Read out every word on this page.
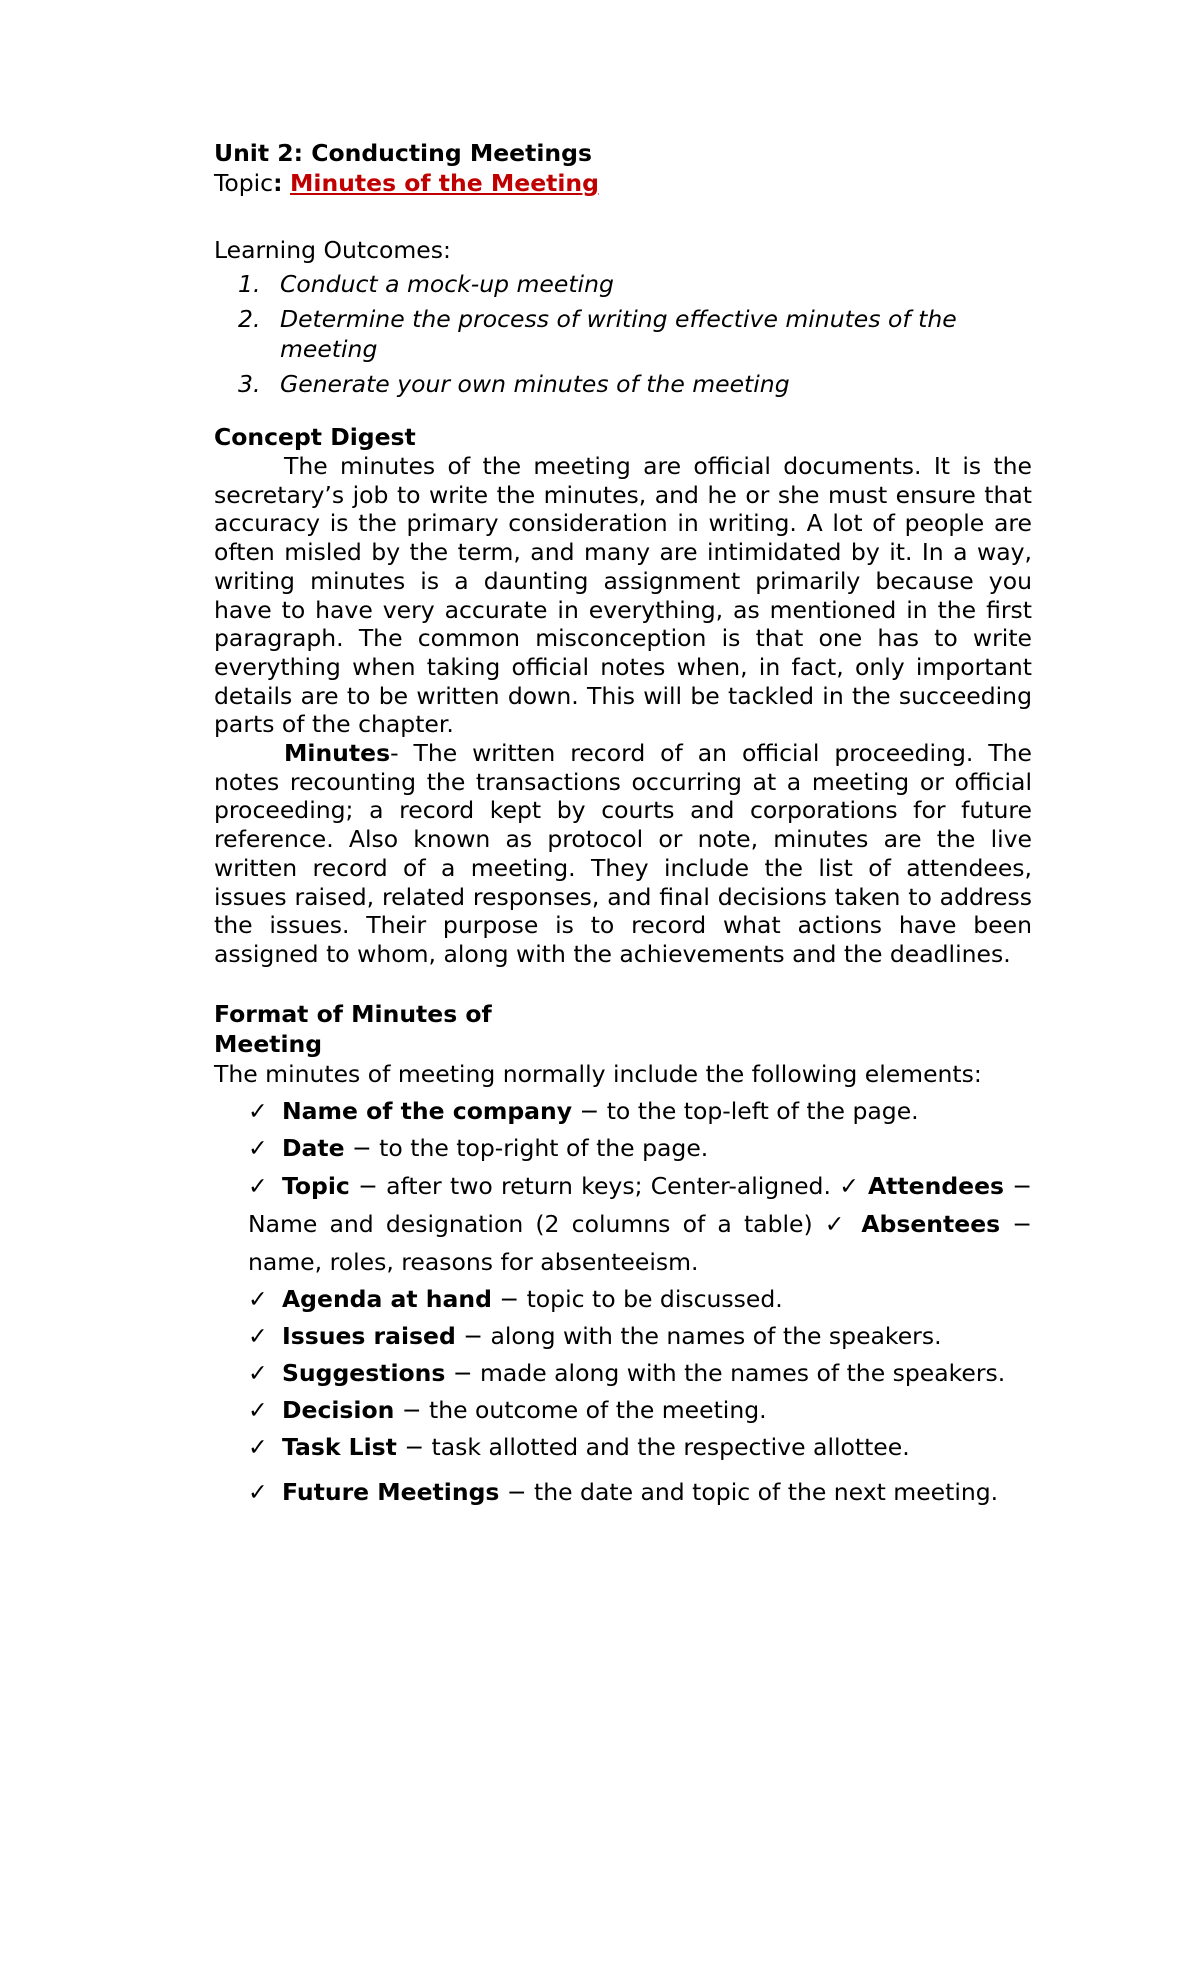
Unit 2: Conducting Meetings

Topic: Minutes of the Meeting

Learning Outcomes:

1. Conduct a mock-up meeting
2. Determine the process of writing effective minutes of the meeting
3. Generate your own minutes of the meeting

Concept Digest

The minutes of the meeting are official documents. It is the secretary’s job to write the minutes, and he or she must ensure that accuracy is the primary consideration in writing. A lot of people are often misled by the term, and many are intimidated by it. In a way, writing minutes is a daunting assignment primarily because you have to have very accurate in everything, as mentioned in the first paragraph. The common misconception is that one has to write everything when taking official notes when, in fact, only important details are to be written down. This will be tackled in the succeeding parts of the chapter.

Minutes- The written record of an official proceeding. The notes recounting the transactions occurring at a meeting or official proceeding; a record kept by courts and corporations for future reference. Also known as protocol or note, minutes are the live written record of a meeting. They include the list of attendees, issues raised, related responses, and final decisions taken to address the issues. Their purpose is to record what actions have been assigned to whom, along with the achievements and the deadlines.

Format of Minutes of Meeting

The minutes of meeting normally include the following elements:

✓ Name of the company − to the top-left of the page.
✓ Date − to the top-right of the page.
✓ Topic − after two return keys; Center-aligned. ✓ Attendees − Name and designation (2 columns of a table) ✓ Absentees − name, roles, reasons for absenteeism.
✓ Agenda at hand − topic to be discussed.
✓ Issues raised − along with the names of the speakers.
✓ Suggestions − made along with the names of the speakers.
✓ Decision − the outcome of the meeting.
✓ Task List − task allotted and the respective allottee.
✓ Future Meetings − the date and topic of the next meeting.
